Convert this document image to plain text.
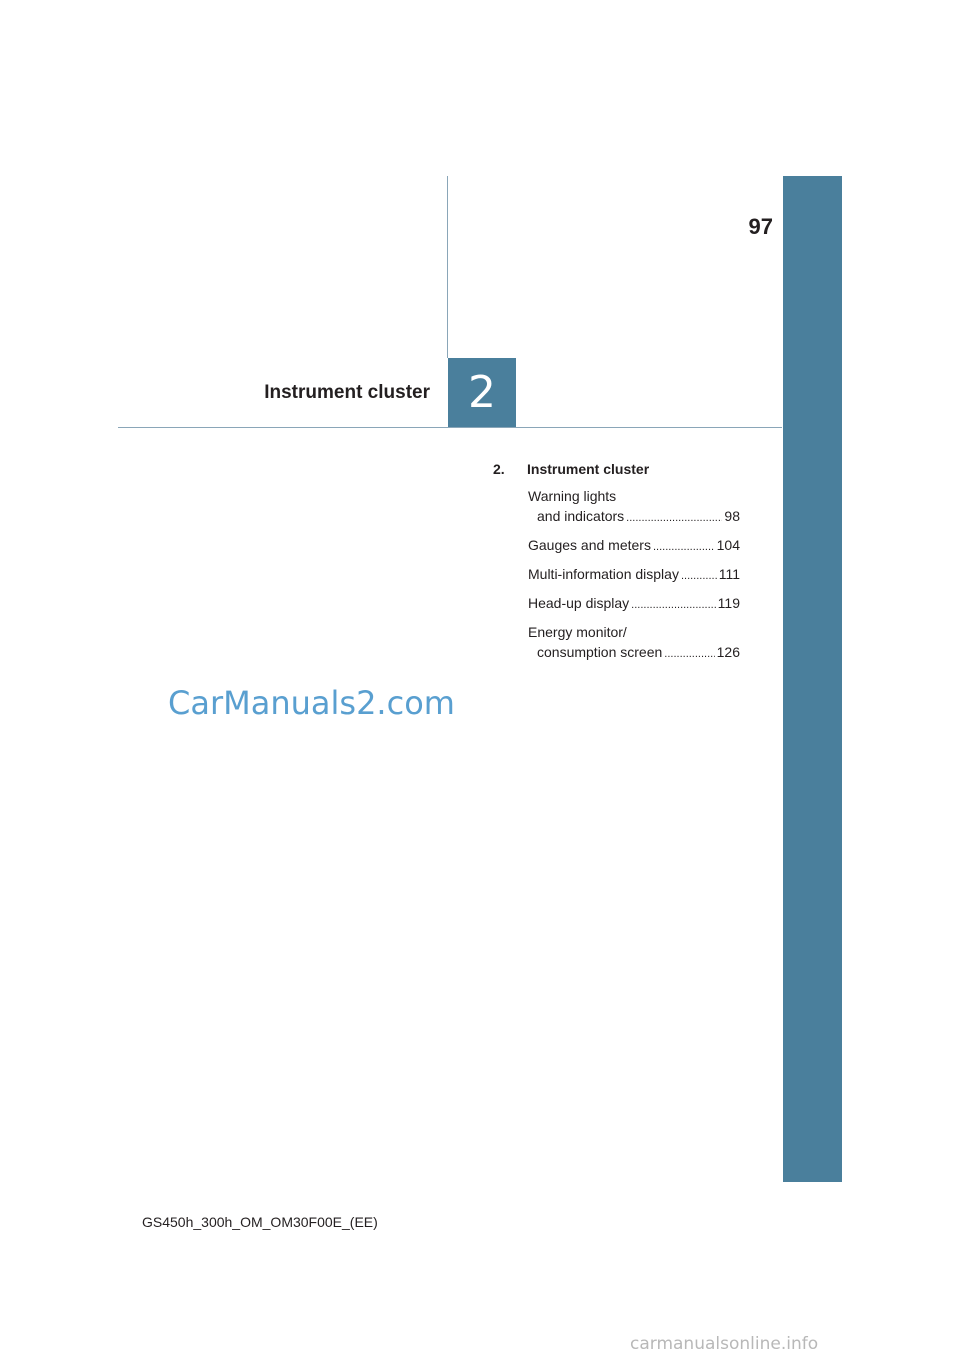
97
Instrument cluster 2
2. Instrument cluster
Warning lights
and indicators .....	98
Gauges and meters .....	104
Multi-information display .....	111
Head-up display .....	119
Energy monitor/
consumption screen .....	126
CarManuals2.com
GS450h_300h_OM_OM30F00E_(EE)
carmanualsonline.info
